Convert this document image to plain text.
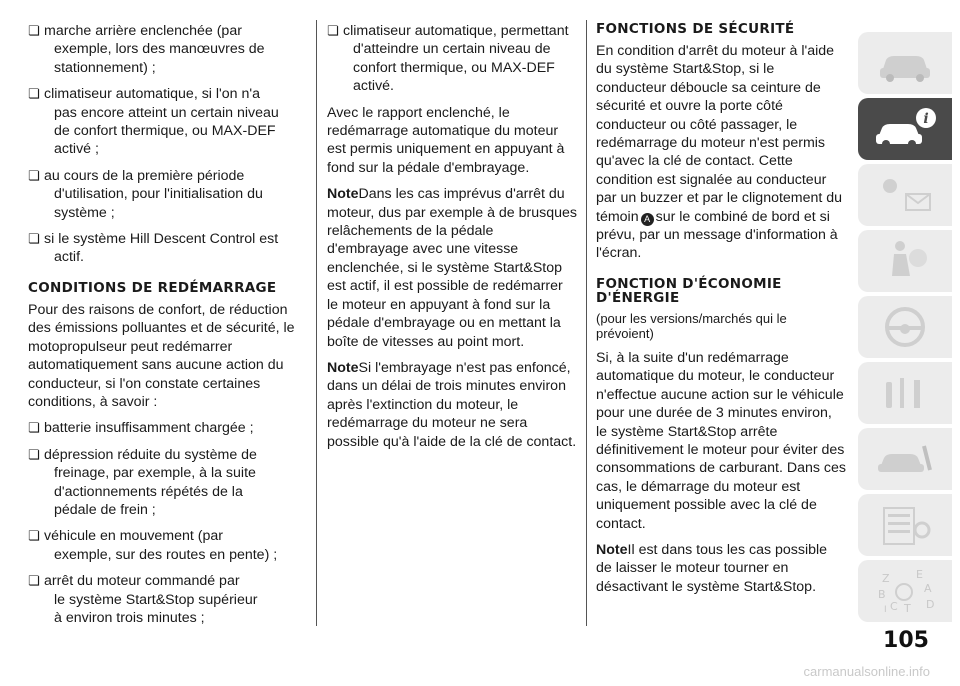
❏ marche arrière enclenchée (par
exemple, lors des manœuvres de
stationnement) ;
❏ climatiseur automatique, si l'on n'a
pas encore atteint un certain niveau
de confort thermique, ou MAX-DEF
activé ;
❏ au cours de la première période
d'utilisation, pour l'initialisation du
système ;
❏ si le système Hill Descent Control est
actif.
CONDITIONS DE REDÉMARRAGE

Pour des raisons de confort, de réduction des émissions polluantes et de sécurité, le motopropulseur peut redémarrer automatiquement sans aucune action du conducteur, si l'on constate certaines conditions, à savoir :

❏ batterie insuffisamment chargée ;
❏ dépression réduite du système de
freinage, par exemple, à la suite
d'actionnements répétés de la
pédale de frein ;
❏ véhicule en mouvement (par
exemple, sur des routes en pente) ;
❏ arrêt du moteur commandé par
le système Start&Stop supérieur
à environ trois minutes ;
❏ climatiseur automatique, permettant
d'atteindre un certain niveau de
confort thermique, ou MAX-DEF
activé.

Avec le rapport enclenché, le redémarrage automatique du moteur est permis uniquement en appuyant à fond sur la pédale d'embrayage.

NoteDans les cas imprévus d'arrêt du moteur, dus par exemple à de brusques relâchements de la pédale d'embrayage avec une vitesse enclenchée, si le système Start&Stop est actif, il est possible de redémarrer le moteur en appuyant à fond sur la pédale d'embrayage ou en mettant la boîte de vitesses au point mort.

NoteSi l'embrayage n'est pas enfoncé, dans un délai de trois minutes environ après l'extinction du moteur, le redémarrage du moteur ne sera possible qu'à l'aide de la clé de contact.

FONCTIONS DE SÉCURITÉ

En condition d'arrêt du moteur à l'aide du système Start&Stop, si le conducteur déboucle sa ceinture de sécurité et ouvre la porte côté conducteur ou côté passager, le redémarrage du moteur n'est permis qu'avec la clé de contact. Cette condition est signalée au conducteur par un buzzer et par le clignotement du témoin A sur le combiné de bord et si prévu, par un message d'information à l'écran.

FONCTION D'ÉCONOMIE D'ÉNERGIE

(pour les versions/marchés qui le prévoient)

Si, à la suite d'un redémarrage automatique du moteur, le conducteur n'effectue aucune action sur le véhicule pour une durée de 3 minutes environ, le système Start&Stop arrête définitivement le moteur pour éviter des consommations de carburant. Dans ces cas, le démarrage du moteur est uniquement possible avec la clé de contact.

NoteIl est dans tous les cas possible de laisser le moteur tourner en désactivant le système Start&Stop.

i
Z E
A
B
D
C T
I
105
carmanualsonline.info
